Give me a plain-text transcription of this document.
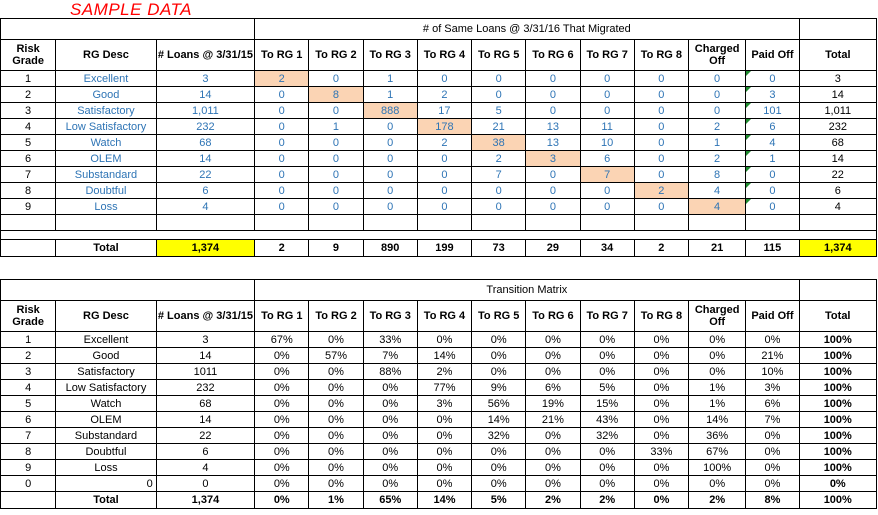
SAMPLE DATA
			# of Same Loans @ 3/31/16 That Migrated										
Risk Grade	RG Desc	# Loans @ 3/31/15	To RG 1	To RG 2	To RG 3	To RG 4	To RG 5	To RG 6	To RG 7	To RG 8	Charged Off	Paid Off	Total
1	Excellent	3	2	0	1	0	0	0	0	0	0	0	3
2	Good	14	0	8	1	2	0	0	0	0	0	3	14
3	Satisfactory	1,011	0	0	888	17	5	0	0	0	0	101	1,011
4	Low Satisfactory	232	0	1	0	178	21	13	11	0	2	6	232
5	Watch	68	0	0	0	2	38	13	10	0	1	4	68
6	OLEM	14	0	0	0	0	2	3	6	0	2	1	14
7	Substandard	22	0	0	0	0	7	0	7	0	8	0	22
8	Doubtful	6	0	0	0	0	0	0	0	2	4	0	6
9	Loss	4	0	0	0	0	0	0	0	0	4	0	4

	Total	1,374	2	9	890	199	73	29	34	2	21	115	1,374
			Transition Matrix										
Risk Grade	RG Desc	# Loans @ 3/31/15	To RG 1	To RG 2	To RG 3	To RG 4	To RG 5	To RG 6	To RG 7	To RG 8	Charged Off	Paid Off	Total
1	Excellent	3	67%	0%	33%	0%	0%	0%	0%	0%	0%	0%	100%
2	Good	14	0%	57%	7%	14%	0%	0%	0%	0%	0%	21%	100%
3	Satisfactory	1011	0%	0%	88%	2%	0%	0%	0%	0%	0%	10%	100%
4	Low Satisfactory	232	0%	0%	0%	77%	9%	6%	5%	0%	1%	3%	100%
5	Watch	68	0%	0%	0%	3%	56%	19%	15%	0%	1%	6%	100%
6	OLEM	14	0%	0%	0%	0%	14%	21%	43%	0%	14%	7%	100%
7	Substandard	22	0%	0%	0%	0%	32%	0%	32%	0%	36%	0%	100%
8	Doubtful	6	0%	0%	0%	0%	0%	0%	0%	33%	67%	0%	100%
9	Loss	4	0%	0%	0%	0%	0%	0%	0%	0%	100%	0%	100%
0	0	0	0%	0%	0%	0%	0%	0%	0%	0%	0%	0%	0%
	Total	1,374	0%	1%	65%	14%	5%	2%	2%	0%	2%	8%	100%
